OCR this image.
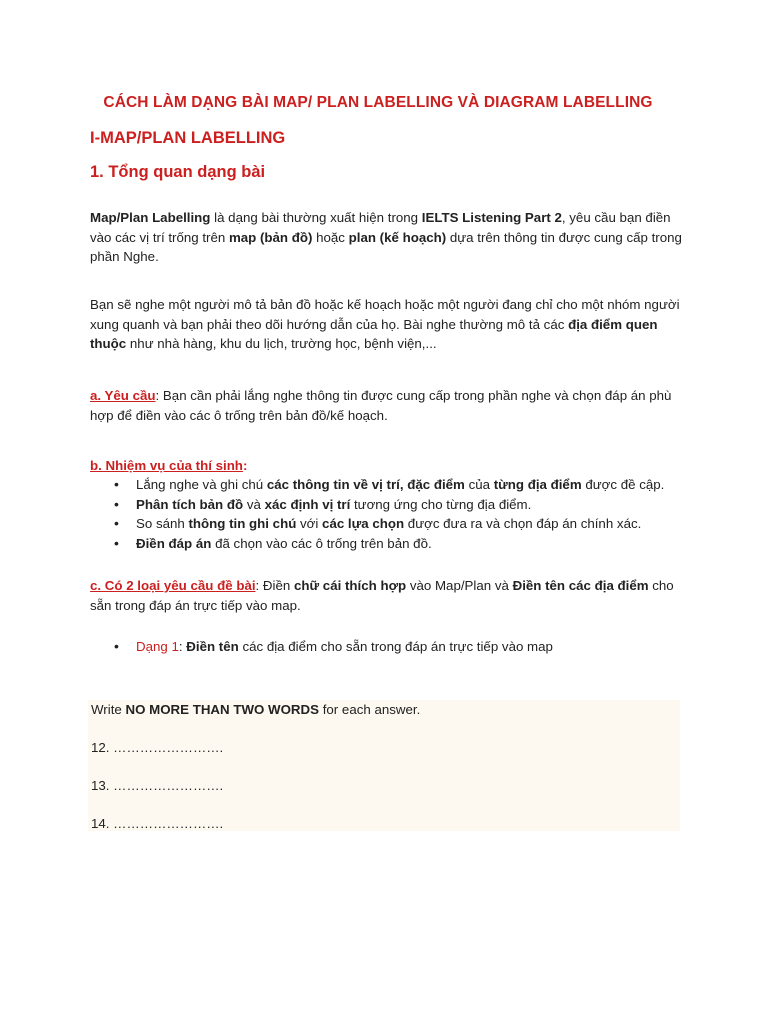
CÁCH LÀM DẠNG BÀI MAP/ PLAN LABELLING VÀ DIAGRAM LABELLING
I-MAP/PLAN LABELLING
1. Tổng quan dạng bài

Map/Plan Labelling là dạng bài thường xuất hiện trong IELTS Listening Part 2, yêu cầu bạn điền vào các vị trí trống trên map (bản đồ) hoặc plan (kế hoạch) dựa trên thông tin được cung cấp trong phần Nghe.

Bạn sẽ nghe một người mô tả bản đồ hoặc kế hoạch hoặc một người đang chỉ cho một nhóm người xung quanh và bạn phải theo dõi hướng dẫn của họ. Bài nghe thường mô tả các địa điểm quen thuộc như nhà hàng, khu du lịch, trường học, bệnh viện,...

a. Yêu cầu: Bạn cần phải lắng nghe thông tin được cung cấp trong phần nghe và chọn đáp án phù hợp để điền vào các ô trống trên bản đồ/kế hoạch.

b. Nhiệm vụ của thí sinh:

• Lắng nghe và ghi chú các thông tin về vị trí, đặc điểm của từng địa điểm được đề cập.
• Phân tích bản đồ và xác định vị trí tương ứng cho từng địa điểm.
• So sánh thông tin ghi chú với các lựa chọn được đưa ra và chọn đáp án chính xác.
• Điền đáp án đã chọn vào các ô trống trên bản đồ.

c. Có 2 loại yêu cầu đề bài: Điền chữ cái thích hợp vào Map/Plan và Điền tên các địa điểm cho sẵn trong đáp án trực tiếp vào map.

• Dạng 1: Điền tên các địa điểm cho sẵn trong đáp án trực tiếp vào map
Write NO MORE THAN TWO WORDS for each answer.
12. …………………….
13. …………………….
14. …………………….
